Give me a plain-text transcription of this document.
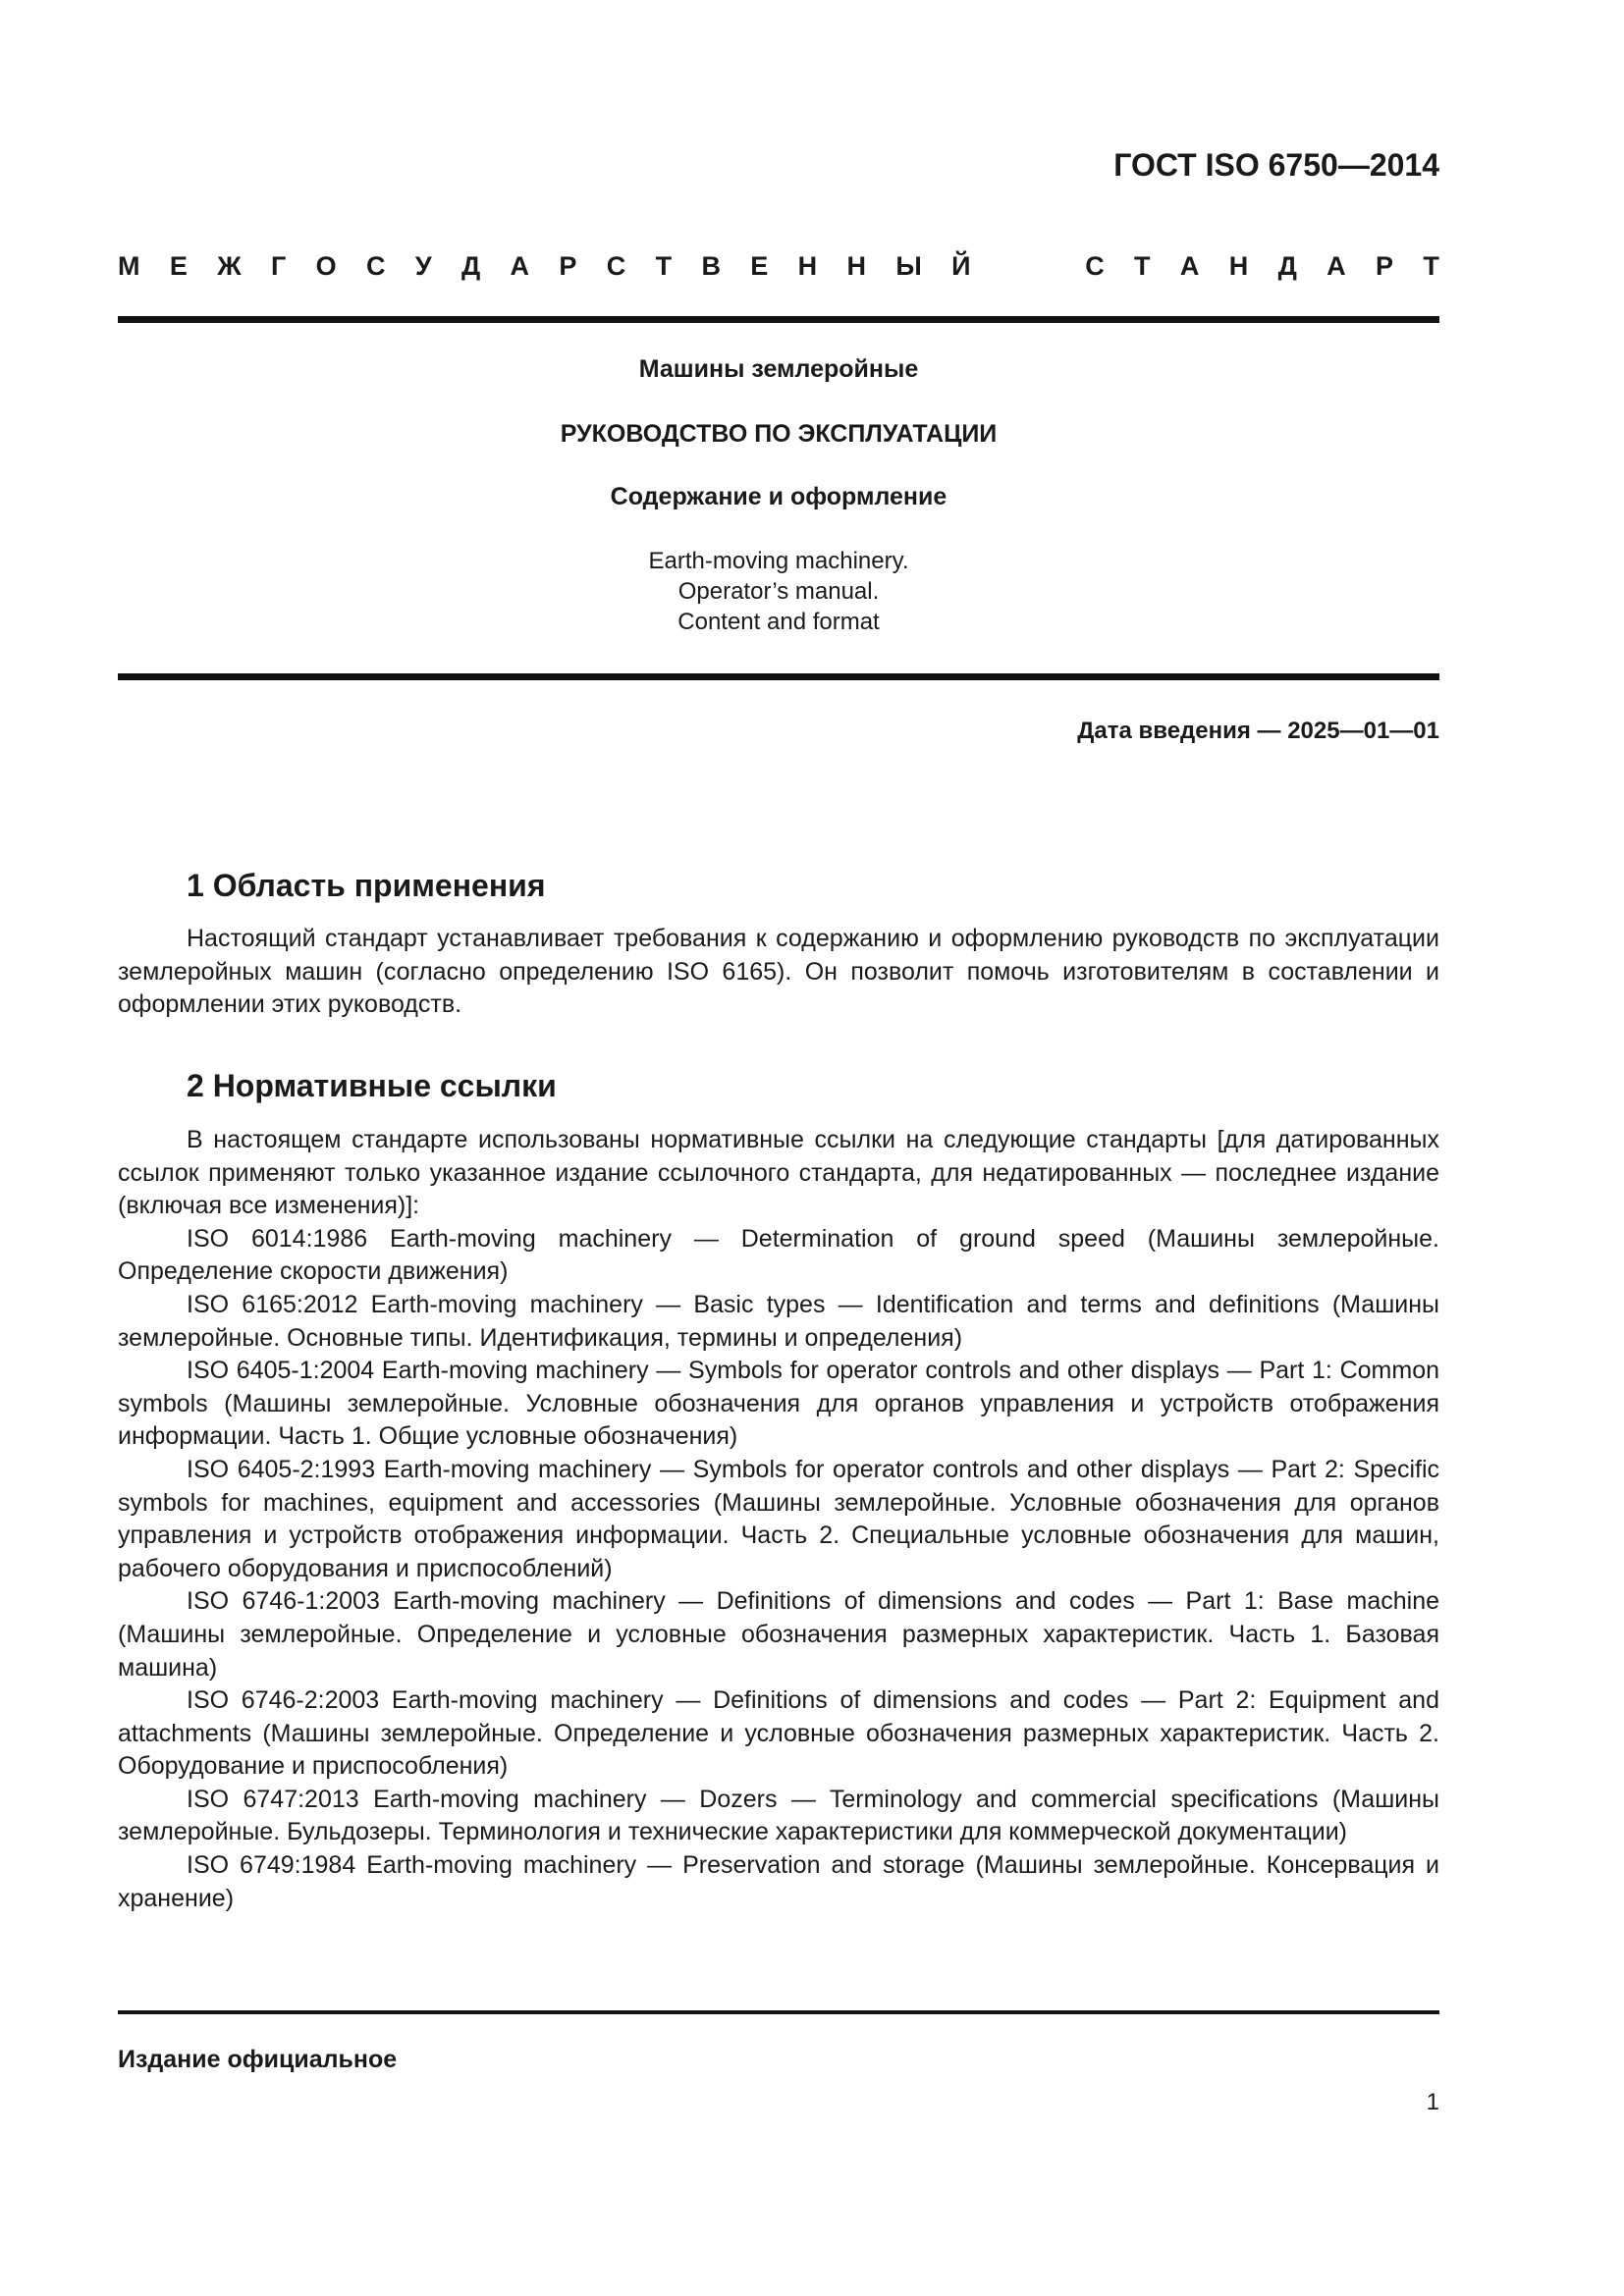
ГОСТ ISO 6750—2014
М Е Ж Г О С У Д А Р С Т В Е Н Н Ы Й	С Т А Н Д А Р Т
Машины землеройные
РУКОВОДСТВО ПО ЭКСПЛУАТАЦИИ
Содержание и оформление
Earth-moving machinery.
Operator’s manual.
Content and format
Дата введения — 2025—01—01
1 Область применения

Настоящий стандарт устанавливает требования к содержанию и оформлению руководств по эксплуатации землеройных машин (согласно определению ISO 6165). Он позволит помочь изготовителям в составлении и оформлении этих руководств.

2 Нормативные ссылки

В настоящем стандарте использованы нормативные ссылки на следующие стандарты [для датированных ссылок применяют только указанное издание ссылочного стандарта, для недатированных — последнее издание (включая все изменения)]:

ISO 6014:1986 Earth-moving machinery — Determination of ground speed (Машины землеройные. Определение скорости движения)

ISO 6165:2012 Earth-moving machinery — Basic types — Identification and terms and definitions (Машины землеройные. Основные типы. Идентификация, термины и определения)

ISO 6405-1:2004 Earth-moving machinery — Symbols for operator controls and other displays — Part 1: Common symbols (Машины землеройные. Условные обозначения для органов управления и устройств отображения информации. Часть 1. Общие условные обозначения)

ISO 6405-2:1993 Earth-moving machinery — Symbols for operator controls and other displays — Part 2: Specific symbols for machines, equipment and accessories (Машины землеройные. Условные обозначения для органов управления и устройств отображения информации. Часть 2. Специальные условные обозначения для машин, рабочего оборудования и приспособлений)

ISO 6746-1:2003 Earth-moving machinery — Definitions of dimensions and codes — Part 1: Base machine (Машины землеройные. Определение и условные обозначения размерных характеристик. Часть 1. Базовая машина)

ISO 6746-2:2003 Earth-moving machinery — Definitions of dimensions and codes — Part 2: Equipment and attachments (Машины землеройные. Определение и условные обозначения размерных характеристик. Часть 2. Оборудование и приспособления)

ISO 6747:2013 Earth-moving machinery — Dozers — Terminology and commercial specifications (Машины землеройные. Бульдозеры. Терминология и технические характеристики для коммерческой документации)

ISO 6749:1984 Earth-moving machinery — Preservation and storage (Машины землеройные. Консервация и хранение)

Издание официальное
1
